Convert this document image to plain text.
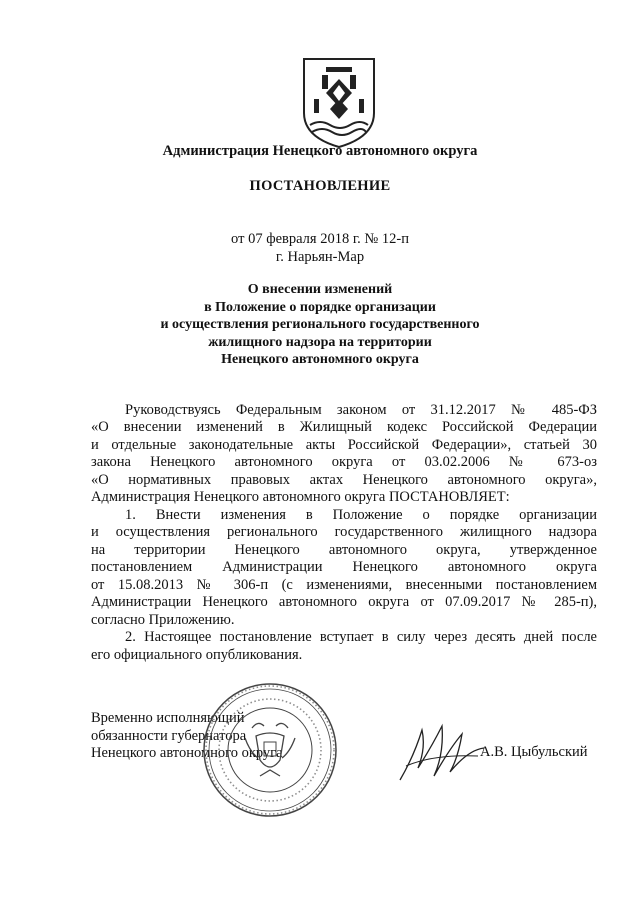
Администрация Ненецкого автономного округа
ПОСТАНОВЛЕНИЕ
от 07 февраля 2018 г. № 12-п
г. Нарьян-Мар
О внесении изменений
в Положение о порядке организации
и осуществления регионального государственного
жилищного надзора на территории
Ненецкого автономного округа

Руководствуясь Федеральным законом от 31.12.2017 № 485-ФЗ

«О внесении изменений в Жилищный кодекс Российской Федерации

и отдельные законодательные акты Российской Федерации», статьей 30

закона Ненецкого автономного округа от 03.02.2006 № 673-оз

«О нормативных правовых актах Ненецкого автономного округа»,

Администрация Ненецкого автономного округа ПОСТАНОВЛЯЕТ:

1. Внести изменения в Положение о порядке организации

и осуществления регионального государственного жилищного надзора

на территории Ненецкого автономного округа, утвержденное

постановлением Администрации Ненецкого автономного округа

от 15.08.2013 № 306-п (с изменениями, внесенными постановлением

Администрации Ненецкого автономного округа от 07.09.2017 № 285-п),

согласно Приложению.

2. Настоящее постановление вступает в силу через десять дней после

его официального опубликования.

Временно исполняющий
обязанности губернатора
Ненецкого автономного округа	А.В. Цыбульский
